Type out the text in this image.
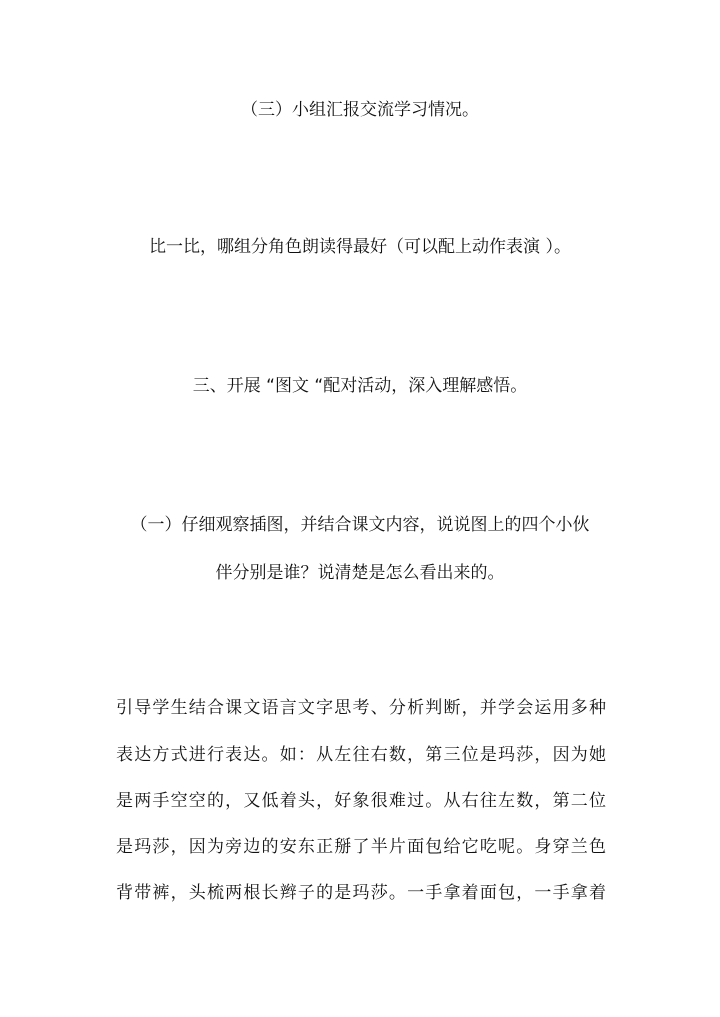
（三）小组汇报交流学习情况。
比一比，哪组分角色朗读得最好（可以配上动作表演 ）。
三、开展 “图文 “配对活动，深入理解感悟。
（一）仔细观察插图，并结合课文内容，说说图上的四个小伙
伴分别是谁？说清楚是怎么看出来的。
引导学生结合课文语言文字思考、分析判断，并学会运用多种
表达方式进行表达。如：从左往右数，第三位是玛莎，因为她
是两手空空的，又低着头，好象很难过。从右往左数，第二位
是玛莎，因为旁边的安东正掰了半片面包给它吃呢。身穿兰色
背带裤，头梳两根长辫子的是玛莎。一手拿着面包，一手拿着
